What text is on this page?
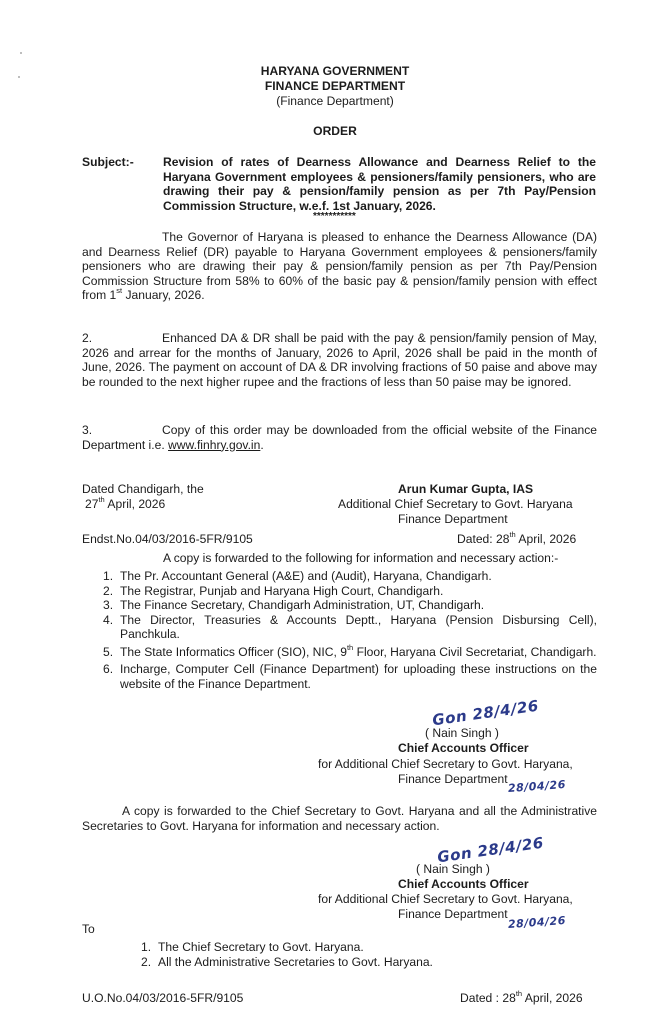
HARYANA GOVERNMENT
FINANCE DEPARTMENT
(Finance Department)
ORDER
Subject:- Revision of rates of Dearness Allowance and Dearness Relief to the Haryana Government employees & pensioners/family pensioners, who are drawing their pay & pension/family pension as per 7th Pay/Pension Commission Structure, w.e.f. 1st January, 2026.
***********
The Governor of Haryana is pleased to enhance the Dearness Allowance (DA) and Dearness Relief (DR) payable to Haryana Government employees & pensioners/family pensioners who are drawing their pay & pension/family pension as per 7th Pay/Pension Commission Structure from 58% to 60% of the basic pay & pension/family pension with effect from 1st January, 2026.
2.	Enhanced DA & DR shall be paid with the pay & pension/family pension of May, 2026 and arrear for the months of January, 2026 to April, 2026 shall be paid in the month of June, 2026. The payment on account of DA & DR involving fractions of 50 paise and above may be rounded to the next higher rupee and the fractions of less than 50 paise may be ignored.
3.	Copy of this order may be downloaded from the official website of the Finance Department i.e. www.finhry.gov.in.
Dated Chandigarh, the
27th April, 2026
Arun Kumar Gupta, IAS
Additional Chief Secretary to Govt. Haryana
Finance Department
Endst.No.04/03/2016-5FR/9105	Dated: 28th April, 2026
A copy is forwarded to the following for information and necessary action:-
1. The Pr. Accountant General (A&E) and (Audit), Haryana, Chandigarh.
2. The Registrar, Punjab and Haryana High Court, Chandigarh.
3. The Finance Secretary, Chandigarh Administration, UT, Chandigarh.
4. The Director, Treasuries & Accounts Deptt., Haryana (Pension Disbursing Cell), Panchkula.
5. The State Informatics Officer (SIO), NIC, 9th Floor, Haryana Civil Secretariat, Chandigarh.
6. Incharge, Computer Cell (Finance Department) for uploading these instructions on the website of the Finance Department.
Gon 28/4/26
( Nain Singh )
Chief Accounts Officer
for Additional Chief Secretary to Govt. Haryana,
Finance Department 28/04/26
A copy is forwarded to the Chief Secretary to Govt. Haryana and all the Administrative Secretaries to Govt. Haryana for information and necessary action.
Gon 28/4/26
( Nain Singh )
Chief Accounts Officer
for Additional Chief Secretary to Govt. Haryana,
Finance Department 28/04/26
To
1. The Chief Secretary to Govt. Haryana.
2. All the Administrative Secretaries to Govt. Haryana.
U.O.No.04/03/2016-5FR/9105	Dated : 28th April, 2026
